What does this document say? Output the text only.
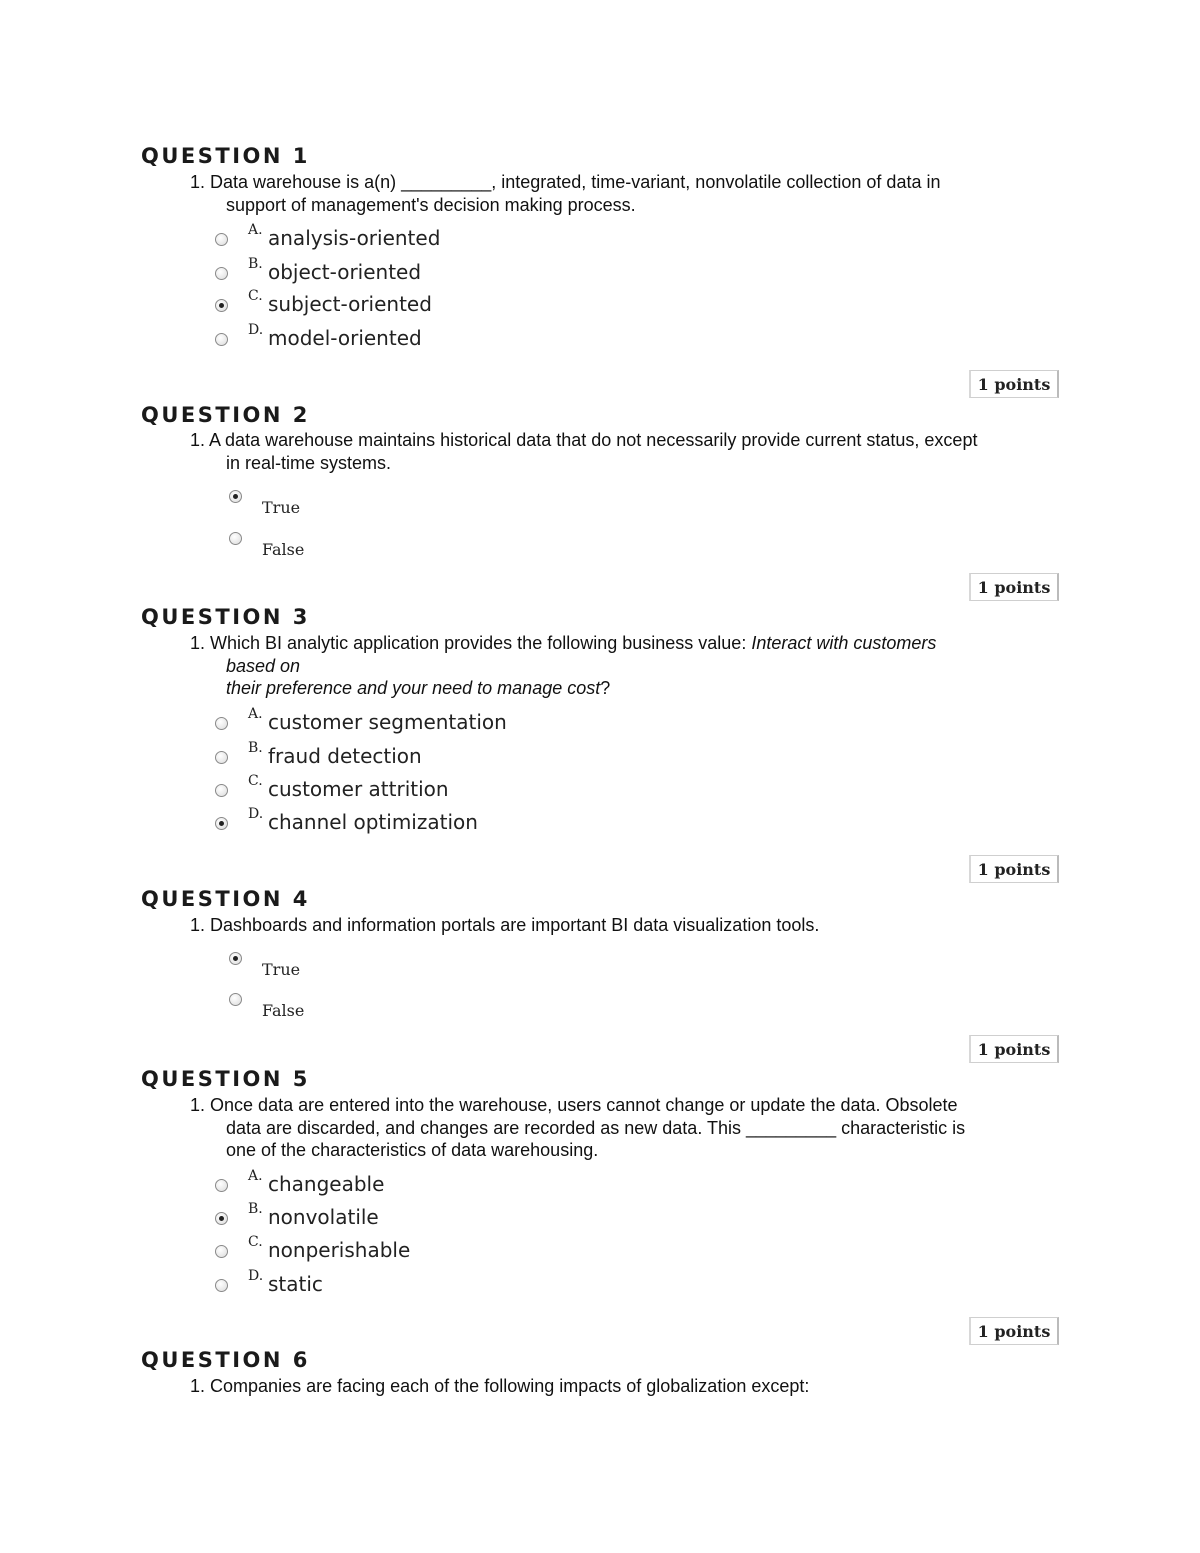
QUESTION 1
1. Data warehouse is a(n) _________, integrated, time-variant, nonvolatile collection of data in
support of management's decision making process.
A. analysis-oriented
B. object-oriented
C. subject-oriented
D. model-oriented
1 points
QUESTION 2
1. A data warehouse maintains historical data that do not necessarily provide current status, except
in real-time systems.
True
False
1 points
QUESTION 3
1. Which BI analytic application provides the following business value: Interact with customers
based on
their preference and your need to manage cost?
A. customer segmentation
B. fraud detection
C. customer attrition
D. channel optimization
1 points
QUESTION 4
1. Dashboards and information portals are important BI data visualization tools.
True
False
1 points
QUESTION 5
1. Once data are entered into the warehouse, users cannot change or update the data. Obsolete
data are discarded, and changes are recorded as new data. This _________ characteristic is
one of the characteristics of data warehousing.
A. changeable
B. nonvolatile
C. nonperishable
D. static
1 points
QUESTION 6
1. Companies are facing each of the following impacts of globalization except:
